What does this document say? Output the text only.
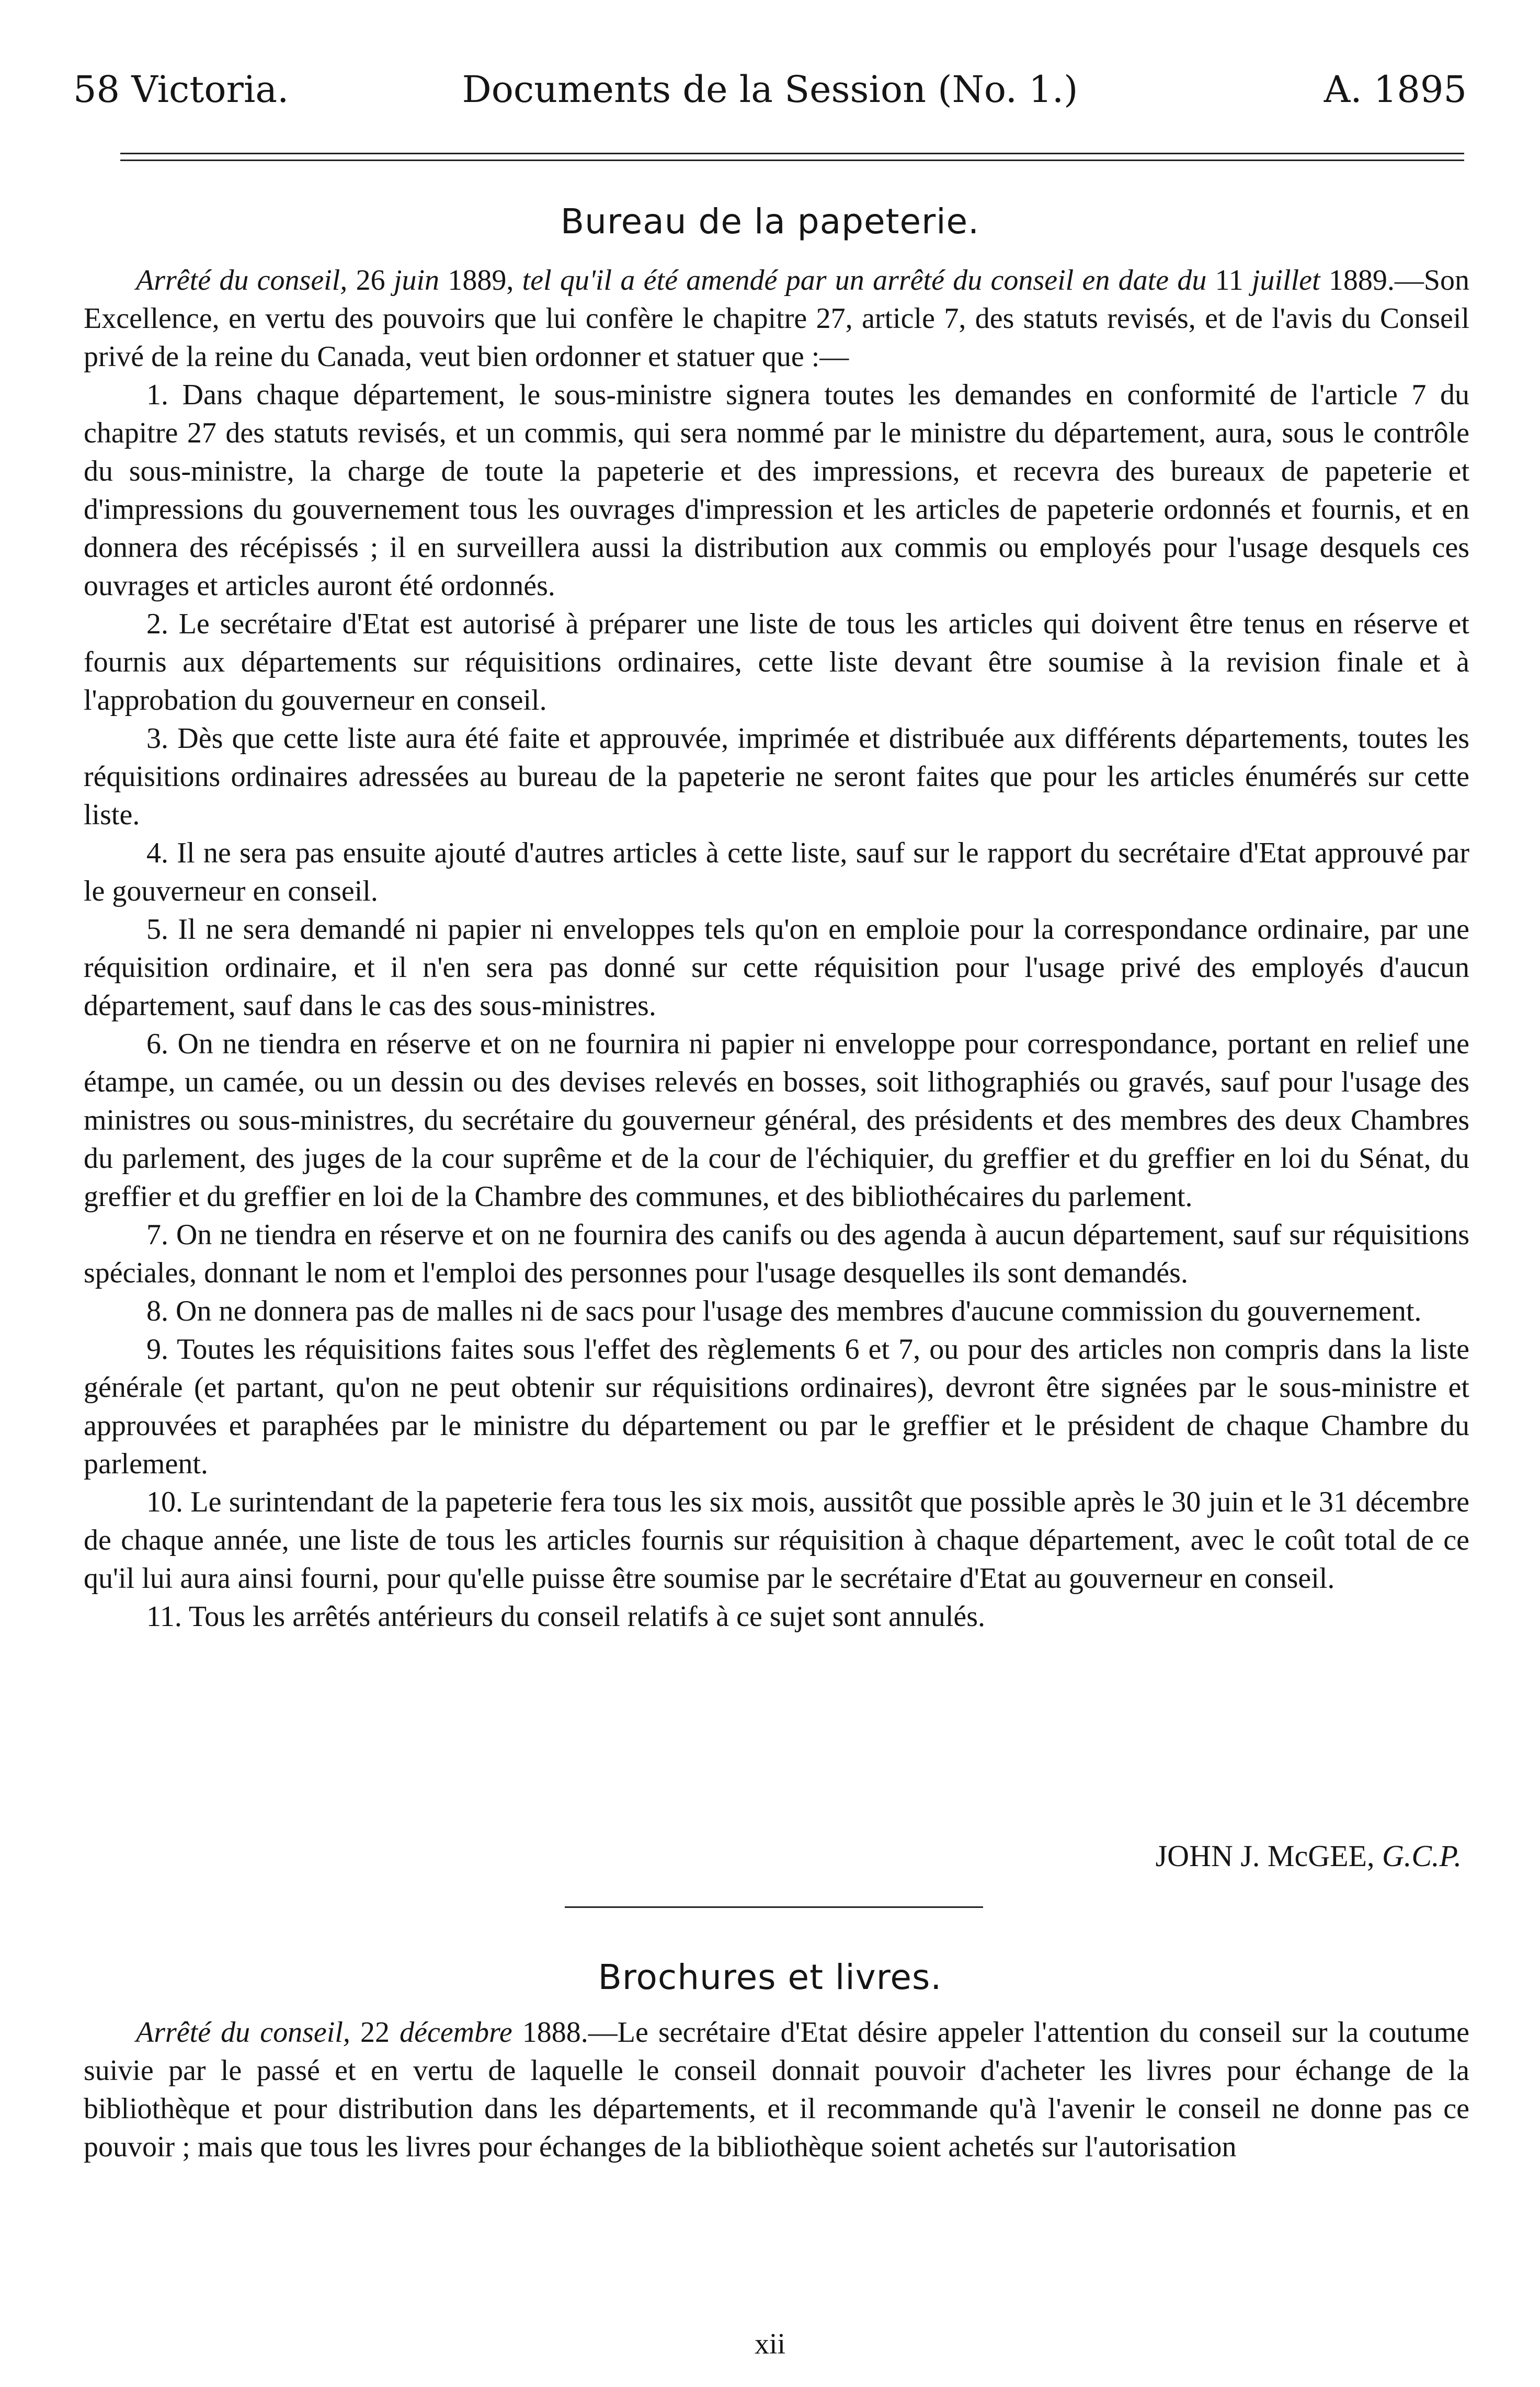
58 Victoria.	Documents de la Session (No. 1.)	A. 1895
Bureau de la papeterie.

Arrêté du conseil, 26 juin 1889, tel qu'il a été amendé par un arrêté du conseil en date du 11 juillet 1889.—Son Excellence, en vertu des pouvoirs que lui confère le chapitre 27, article 7, des statuts revisés, et de l'avis du Conseil privé de la reine du Canada, veut bien ordonner et statuer que :—

1. Dans chaque département, le sous-ministre signera toutes les demandes en conformité de l'article 7 du chapitre 27 des statuts revisés, et un commis, qui sera nommé par le ministre du département, aura, sous le contrôle du sous-ministre, la charge de toute la papeterie et des impressions, et recevra des bureaux de papeterie et d'impressions du gouvernement tous les ouvrages d'impression et les articles de papeterie ordonnés et fournis, et en donnera des récépissés ; il en surveillera aussi la distribution aux commis ou employés pour l'usage desquels ces ouvrages et articles auront été ordonnés.

2. Le secrétaire d'Etat est autorisé à préparer une liste de tous les articles qui doivent être tenus en réserve et fournis aux départements sur réquisitions ordinaires, cette liste devant être soumise à la revision finale et à l'approbation du gouverneur en conseil.

3. Dès que cette liste aura été faite et approuvée, imprimée et distribuée aux différents départements, toutes les réquisitions ordinaires adressées au bureau de la papeterie ne seront faites que pour les articles énumérés sur cette liste.

4. Il ne sera pas ensuite ajouté d'autres articles à cette liste, sauf sur le rapport du secrétaire d'Etat approuvé par le gouverneur en conseil.

5. Il ne sera demandé ni papier ni enveloppes tels qu'on en emploie pour la correspondance ordinaire, par une réquisition ordinaire, et il n'en sera pas donné sur cette réquisition pour l'usage privé des employés d'aucun département, sauf dans le cas des sous-ministres.

6. On ne tiendra en réserve et on ne fournira ni papier ni enveloppe pour correspondance, portant en relief une étampe, un camée, ou un dessin ou des devises relevés en bosses, soit lithographiés ou gravés, sauf pour l'usage des ministres ou sous-ministres, du secrétaire du gouverneur général, des présidents et des membres des deux Chambres du parlement, des juges de la cour suprême et de la cour de l'échiquier, du greffier et du greffier en loi du Sénat, du greffier et du greffier en loi de la Chambre des communes, et des bibliothécaires du parlement.

7. On ne tiendra en réserve et on ne fournira des canifs ou des agenda à aucun département, sauf sur réquisitions spéciales, donnant le nom et l'emploi des personnes pour l'usage desquelles ils sont demandés.

8. On ne donnera pas de malles ni de sacs pour l'usage des membres d'aucune commission du gouvernement.

9. Toutes les réquisitions faites sous l'effet des règlements 6 et 7, ou pour des articles non compris dans la liste générale (et partant, qu'on ne peut obtenir sur réquisitions ordinaires), devront être signées par le sous-ministre et approuvées et paraphées par le ministre du département ou par le greffier et le président de chaque Chambre du parlement.

10. Le surintendant de la papeterie fera tous les six mois, aussitôt que possible après le 30 juin et le 31 décembre de chaque année, une liste de tous les articles fournis sur réquisition à chaque département, avec le coût total de ce qu'il lui aura ainsi fourni, pour qu'elle puisse être soumise par le secrétaire d'Etat au gouverneur en conseil.

11. Tous les arrêtés antérieurs du conseil relatifs à ce sujet sont annulés.

JOHN J. McGEE, G.C.P.
Brochures et livres.

Arrêté du conseil, 22 décembre 1888.—Le secrétaire d'Etat désire appeler l'attention du conseil sur la coutume suivie par le passé et en vertu de laquelle le conseil donnait pouvoir d'acheter les livres pour échange de la bibliothèque et pour distribution dans les départements, et il recommande qu'à l'avenir le conseil ne donne pas ce pouvoir ; mais que tous les livres pour échanges de la bibliothèque soient achetés sur l'autorisation

xii
